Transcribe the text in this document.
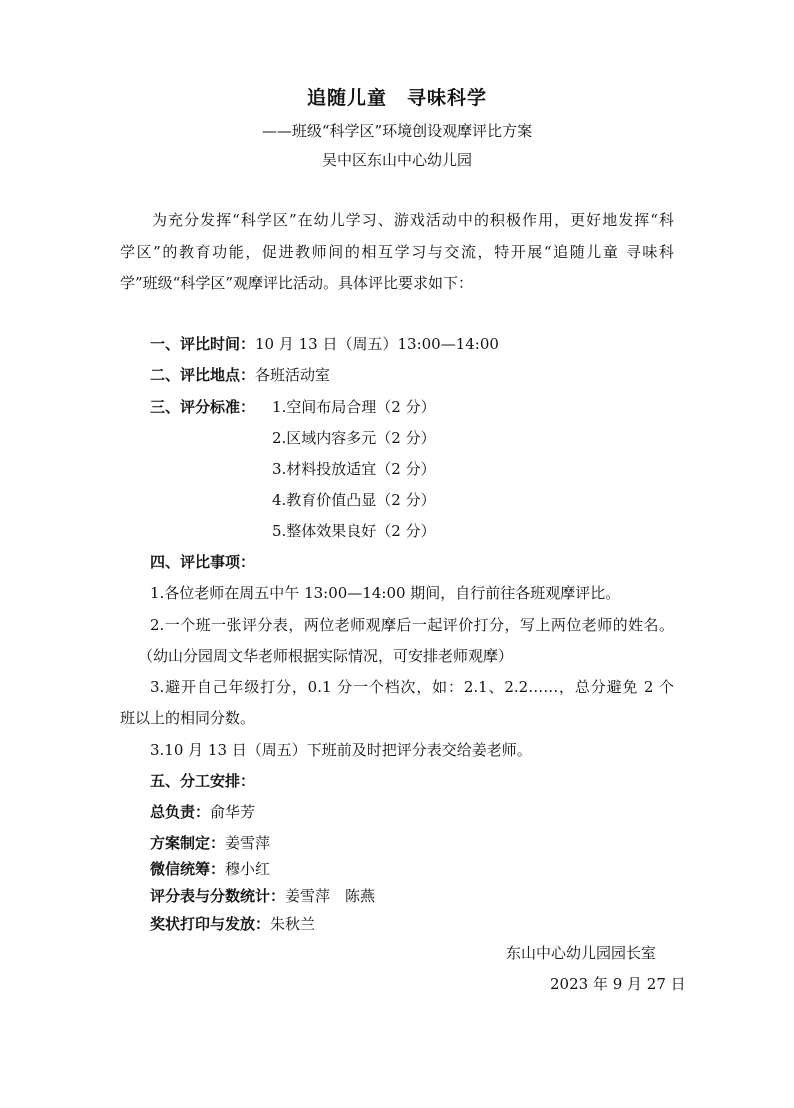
追随儿童　寻味科学
——班级“科学区”环境创设观摩评比方案
吴中区东山中心幼儿园
为充分发挥“科学区”在幼儿学习、游戏活动中的积极作用，更好地发挥“科
学区”的教育功能，促进教师间的相互学习与交流，特开展“追随儿童 寻味科
学”班级“科学区”观摩评比活动。具体评比要求如下：
一、评比时间：10 月 13 日（周五）13:00—14:00
二、评比地点：各班活动室
三、评分标准： 1.空间布局合理（2 分）
2.区域内容多元（2 分）
3.材料投放适宜（2 分）
4.教育价值凸显（2 分）
5.整体效果良好（2 分）
四、评比事项：
1.各位老师在周五中午 13:00—14:00 期间，自行前往各班观摩评比。
2.一个班一张评分表，两位老师观摩后一起评价打分，写上两位老师的姓名。
（幼山分园周文华老师根据实际情况，可安排老师观摩）
3.避开自己年级打分，0.1 分一个档次，如：2.1、2.2……，总分避免 2 个
班以上的相同分数。
3.10 月 13 日（周五）下班前及时把评分表交给姜老师。
五、分工安排：
总负责：俞华芳
方案制定：姜雪萍
微信统筹：穆小红
评分表与分数统计：姜雪萍　陈燕
奖状打印与发放：朱秋兰
东山中心幼儿园园长室
2023 年 9 月 27 日
